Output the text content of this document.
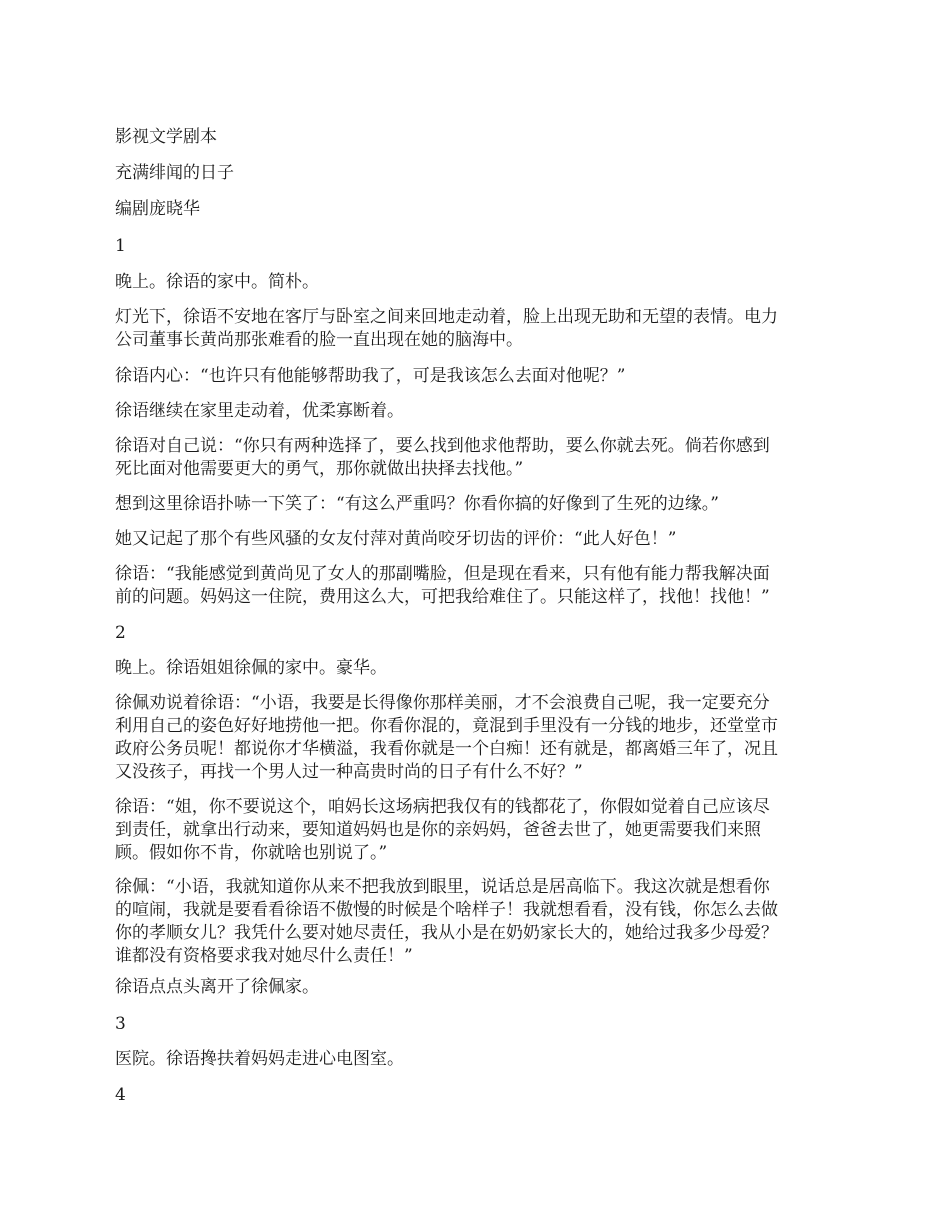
影视文学剧本

充满绯闻的日子

编剧庞晓华

1

晚上。徐语的家中。简朴。

灯光下，徐语不安地在客厅与卧室之间来回地走动着，脸上出现无助和无望的表情。电力
公司董事长黄尚那张难看的脸一直出现在她的脑海中。

徐语内心：“也许只有他能够帮助我了，可是我该怎么去面对他呢？”

徐语继续在家里走动着，优柔寡断着。

徐语对自己说：“你只有两种选择了，要么找到他求他帮助，要么你就去死。倘若你感到
死比面对他需要更大的勇气，那你就做出抉择去找他。”

想到这里徐语扑哧一下笑了：“有这么严重吗？你看你搞的好像到了生死的边缘。”

她又记起了那个有些风骚的女友付萍对黄尚咬牙切齿的评价：“此人好色！”

徐语：“我能感觉到黄尚见了女人的那副嘴脸，但是现在看来，只有他有能力帮我解决面
前的问题。妈妈这一住院，费用这么大，可把我给难住了。只能这样了，找他！找他！”

2

晚上。徐语姐姐徐佩的家中。豪华。

徐佩劝说着徐语：“小语，我要是长得像你那样美丽，才不会浪费自己呢，我一定要充分
利用自己的姿色好好地捞他一把。你看你混的，竟混到手里没有一分钱的地步，还堂堂市
政府公务员呢！都说你才华横溢，我看你就是一个白痴！还有就是，都离婚三年了，况且
又没孩子，再找一个男人过一种高贵时尚的日子有什么不好？”

徐语：“姐，你不要说这个，咱妈长这场病把我仅有的钱都花了，你假如觉着自己应该尽
到责任，就拿出行动来，要知道妈妈也是你的亲妈妈，爸爸去世了，她更需要我们来照
顾。假如你不肯，你就啥也别说了。”

徐佩：“小语，我就知道你从来不把我放到眼里，说话总是居高临下。我这次就是想看你
的喧闹，我就是要看看徐语不傲慢的时候是个啥样子！我就想看看，没有钱，你怎么去做
你的孝顺女儿？我凭什么要对她尽责任，我从小是在奶奶家长大的，她给过我多少母爱？
谁都没有资格要求我对她尽什么责任！”

徐语点点头离开了徐佩家。

3

医院。徐语搀扶着妈妈走进心电图室。

4
